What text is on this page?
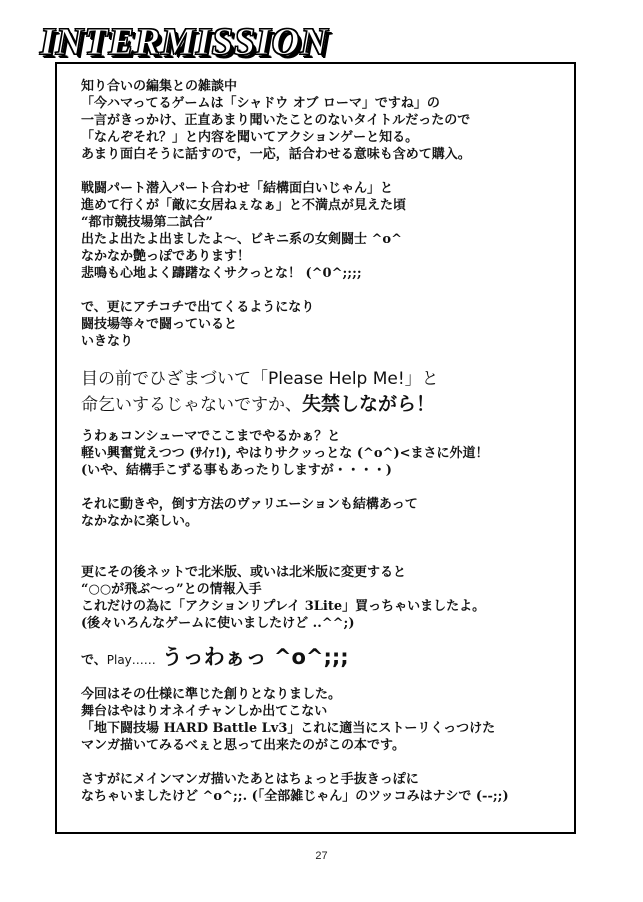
INTERMISSION
知り合いの編集との雑談中
「今ハマってるゲームは「シャドウ オブ ローマ」ですね」の
一言がきっかけ、正直あまり聞いたことのないタイトルだったので
「なんぞそれ？」と内容を聞いてアクションゲーと知る。
あまり面白そうに話すので，一応，話合わせる意味も含めて購入。
戦闘パート潜入パート合わせ「結構面白いじゃん」と
進めて行くが「敵に女居ねぇなぁ」と不満点が見えた頃
“都市競技場第二試合”
出たよ出たよ出ましたよ～、ビキニ系の女剣闘士 ^o^
なかなか艶っぽであります！
悲鳴も心地よく躊躇なくサクっとな！ (^0^;;;;
で、更にアチコチで出てくるようになり
闘技場等々で闘っていると
いきなり
目の前でひざまづいて「Please Help Me!」と
命乞いするじゃないですか、失禁しながら！
うわぁコンシューマでここまでやるかぁ？と
軽い興奮覚えつつ (ｻｲｧ!), やはりサクッっとな (^o^)<まさに外道！
(いや、結構手こずる事もあったりしますが・・・・)
それに動きや，倒す方法のヴァリエーションも結構あって
なかなかに楽しい。
更にその後ネットで北米版、或いは北米版に変更すると
“○○が飛ぶ～っ”との情報入手
これだけの為に「アクションリプレイ 3Lite」買っちゃいましたよ。
(後々いろんなゲームに使いましたけど ..^^;)
で、Play…… うっわぁっ ^o^;;;
今回はその仕様に準じた創りとなりました。
舞台はやはりオネイチャンしか出てこない
「地下闘技場 HARD Battle Lv3」これに適当にストーリくっつけた
マンガ描いてみるべぇと思って出来たのがこの本です。
さすがにメインマンガ描いたあとはちょっと手抜きっぽに
なちゃいましたけど ^o^;;. (「全部雑じゃん」のツッコみはナシで (--;;)
27
